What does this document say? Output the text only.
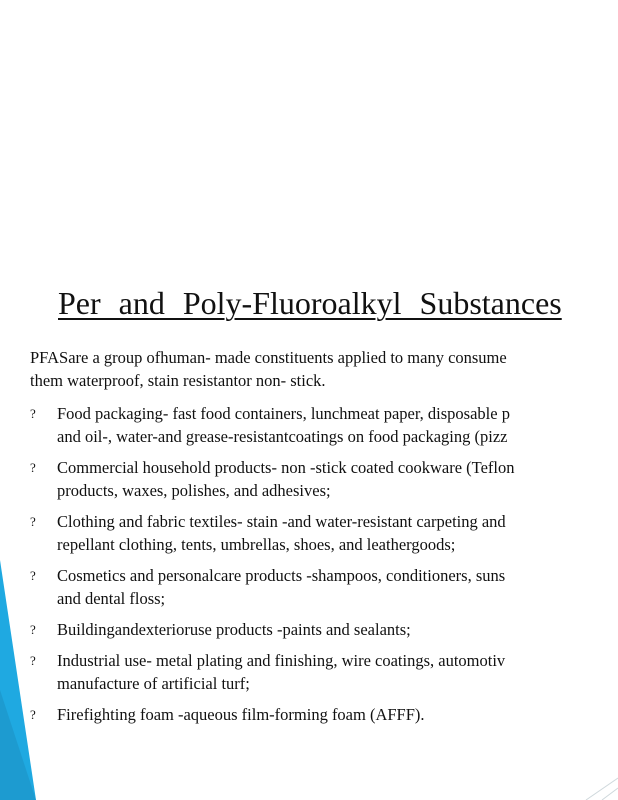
Per and Poly-Fluoroalkyl Substances

PFASare a group ofhuman- made constituents applied to many consume
them waterproof, stain resistantor non- stick.

? Food packaging- fast food containers, lunchmeat paper, disposable p
and oil-, water-and grease-resistantcoatings on food packaging (pizz
? Commercial household products- non -stick coated cookware (Teflon
products, waxes, polishes, and adhesives;
? Clothing and fabric textiles- stain -and water-resistant carpeting and
repellant clothing, tents, umbrellas, shoes, and leathergoods;
? Cosmetics and personalcare products -shampoos, conditioners, suns
and dental floss;
? Buildingandexterioruse products -paints and sealants;
? Industrial use- metal plating and finishing, wire coatings, automotiv
manufacture of artificial turf;
? Firefighting foam -aqueous film-forming foam (AFFF).
